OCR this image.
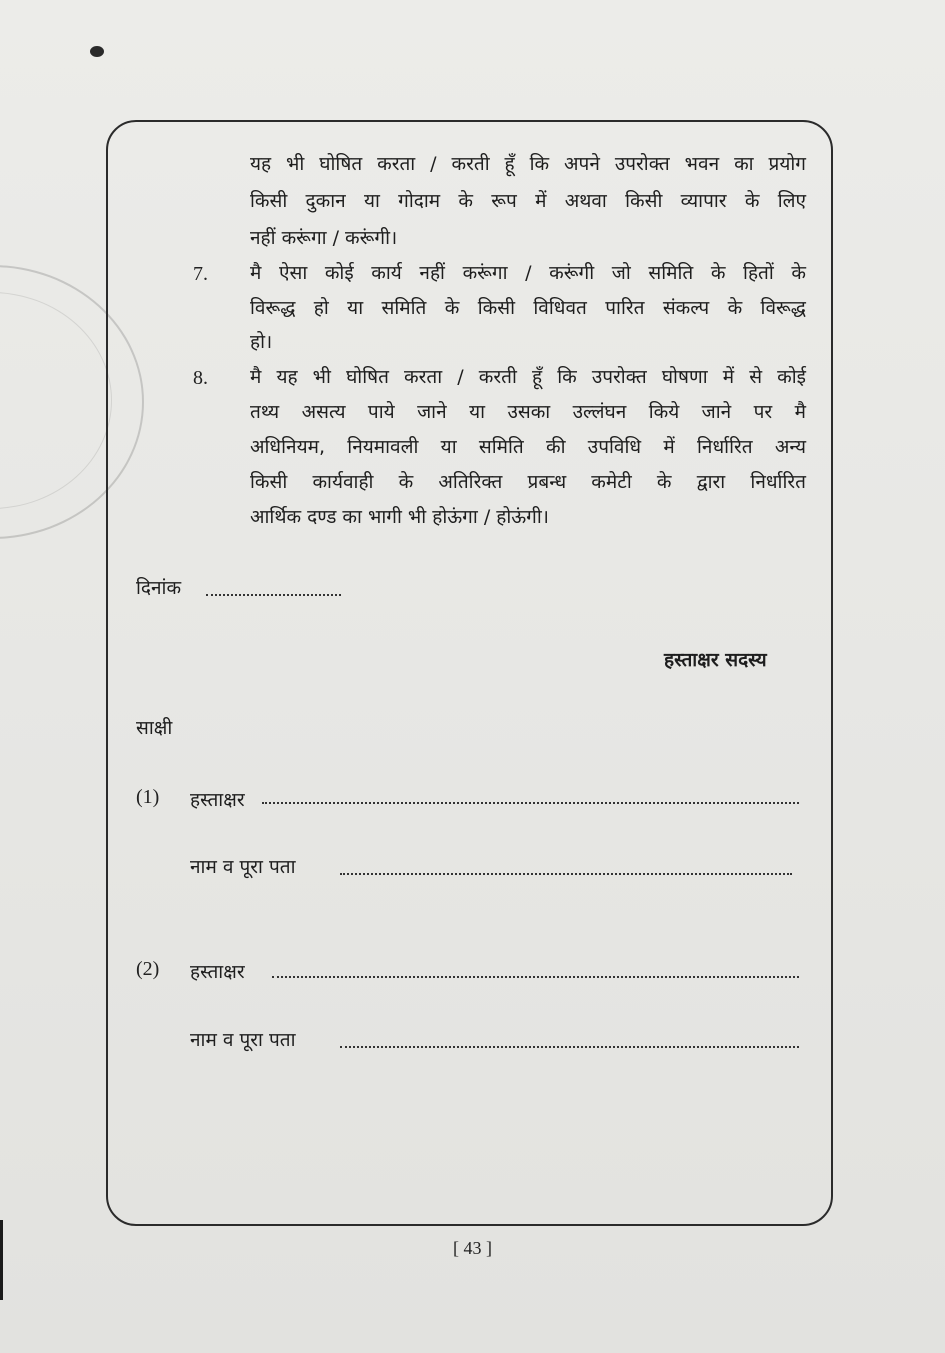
यह भी घोषित करता / करती हूँ कि अपने उपरोक्त भवन का प्रयोग
किसी दुकान या गोदाम के रूप में अथवा किसी व्यापार के लिए
नहीं करूंगा / करूंगी।
7. मै ऐसा कोई कार्य नहीं करूंगा / करूंगी जो समिति के हितों के
विरूद्ध हो या समिति के किसी विधिवत पारित संकल्प के विरूद्ध
हो।
8. मै यह भी घोषित करता / करती हूँ कि उपरोक्त घोषणा में से कोई
तथ्य असत्य पाये जाने या उसका उल्लंघन किये जाने पर मै
अधिनियम, नियमावली या समिति की उपविधि में निर्धारित अन्य
किसी कार्यवाही के अतिरिक्त प्रबन्ध कमेटी के द्वारा निर्धारित
आर्थिक दण्ड का भागी भी होऊंगा / होऊंगी।
दिनांक
हस्ताक्षर सदस्य
साक्षी
(1) हस्ताक्षर
नाम व पूरा पता
(2) हस्ताक्षर
नाम व पूरा पता
[ 43 ]
